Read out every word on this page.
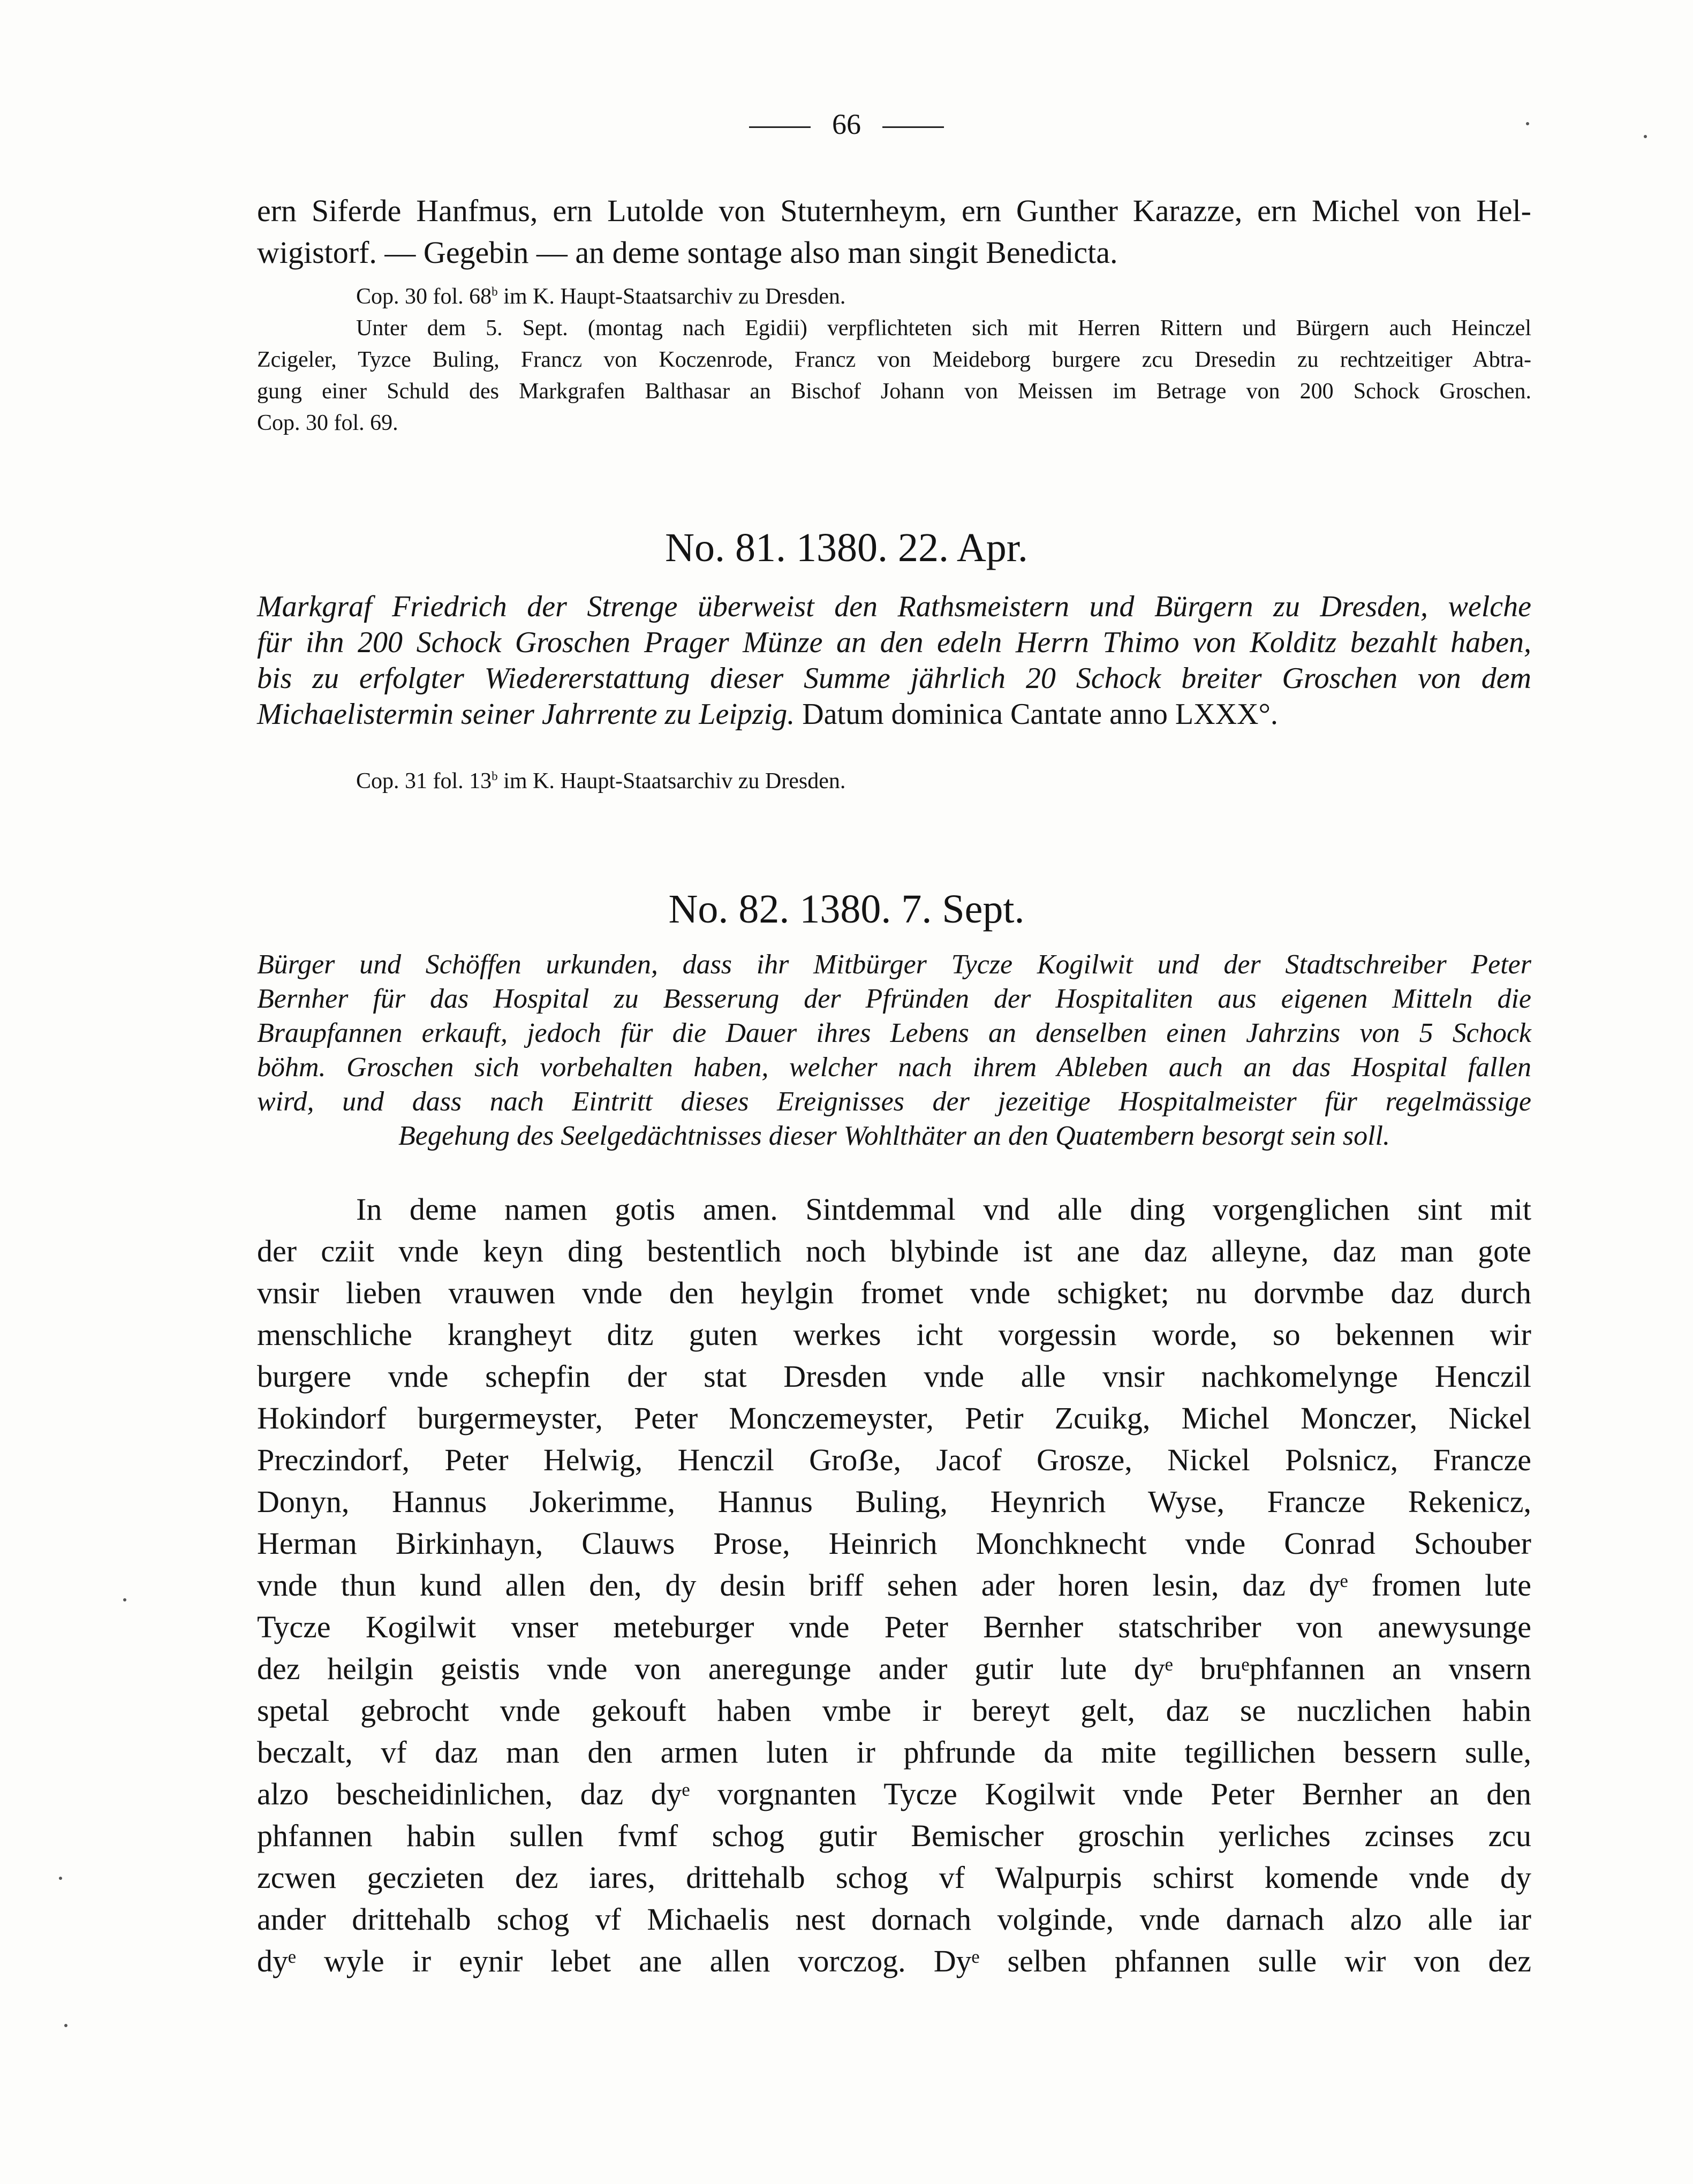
66
ern Siferde Hanfmus, ern Lutolde von Stuternheym, ern Gunther Karazze, ern Michel von Hel-
wigistorf. — Gegebin — an deme sontage also man singit Benedicta.
Cop. 30 fol. 68$^b$ im K. Haupt-Staatsarchiv zu Dresden.
Unter dem 5. Sept. (montag nach Egidii) verpflichteten sich mit Herren Rittern und Bürgern auch Heinczel
Zcigeler, Tyzce Buling, Francz von Koczenrode, Francz von Meideborg burgere zcu Dresedin zu rechtzeitiger Abtra-
gung einer Schuld des Markgrafen Balthasar an Bischof Johann von Meissen im Betrage von 200 Schock Groschen.
Cop. 30 fol. 69.
No. 81. 1380. 22. Apr.
Markgraf Friedrich der Strenge überweist den Rathsmeistern und Bürgern zu Dresden, welche
für ihn 200 Schock Groschen Prager Münze an den edeln Herrn Thimo von Kolditz bezahlt haben,
bis zu erfolgter Wiedererstattung dieser Summe jährlich 20 Schock breiter Groschen von dem
Michaelistermin seiner Jahrrente zu Leipzig. Datum dominica Cantate anno LXXX°.
Cop. 31 fol. 13$^b$ im K. Haupt-Staatsarchiv zu Dresden.
No. 82. 1380. 7. Sept.
Bürger und Schöffen urkunden, dass ihr Mitbürger Tycze Kogilwit und der Stadtschreiber Peter
Bernher für das Hospital zu Besserung der Pfründen der Hospitaliten aus eigenen Mitteln die
Braupfannen erkauft, jedoch für die Dauer ihres Lebens an denselben einen Jahrzins von 5 Schock
böhm. Groschen sich vorbehalten haben, welcher nach ihrem Ableben auch an das Hospital fallen
wird, und dass nach Eintritt dieses Ereignisses der jezeitige Hospitalmeister für regelmässige
Begehung des Seelgedächtnisses dieser Wohlthäter an den Quatembern besorgt sein soll.
In deme namen gotis amen. Sintdemmal vnd alle ding vorgenglichen sint mit
der cziit vnde keyn ding bestentlich noch blybinde ist ane daz alleyne, daz man gote
vnsir lieben vrauwen vnde den heylgin fromet vnde schigket; nu dorvmbe daz durch
menschliche krangheyt ditz guten werkes icht vorgessin worde, so bekennen wir
burgere vnde schepfin der stat Dresden vnde alle vnsir nachkomelynge Henczil
Hokindorf burgermeyster, Peter Monczemeyster, Petir Zcuikg, Michel Monczer, Nickel
Preczindorf, Peter Helwig, Henczil Groẞe, Jacof Grosze, Nickel Polsnicz, Francze
Donyn, Hannus Jokerimme, Hannus Buling, Heynrich Wyse, Francze Rekenicz,
Herman Birkinhayn, Clauws Prose, Heinrich Monchknecht vnde Conrad Schouber
vnde thun kund allen den, dy desin briff sehen ader horen lesin, daz dyᵉ fromen lute
Tycze Kogilwit vnser meteburger vnde Peter Bernher statschriber von anewysunge
dez heilgin geistis vnde von aneregunge ander gutir lute dyᵉ bruᵉphfannen an vnsern
spetal gebrocht vnde gekouft haben vmbe ir bereyt gelt, daz se nuczlichen habin
beczalt, vf daz man den armen luten ir phfrunde da mite tegillichen bessern sulle,
alzo bescheidinlichen, daz dyᵉ vorgnanten Tycze Kogilwit vnde Peter Bernher an den
phfannen habin sullen fvmf schog gutir Bemischer groschin yerliches zcinses zcu
zcwen geczieten dez iares, drittehalb schog vf Walpurpis schirst komende vnde dy
ander drittehalb schog vf Michaelis nest dornach volginde, vnde darnach alzo alle iar
dyᵉ wyle ir eynir lebet ane allen vorczog. Dyᵉ selben phfannen sulle wir von dez
